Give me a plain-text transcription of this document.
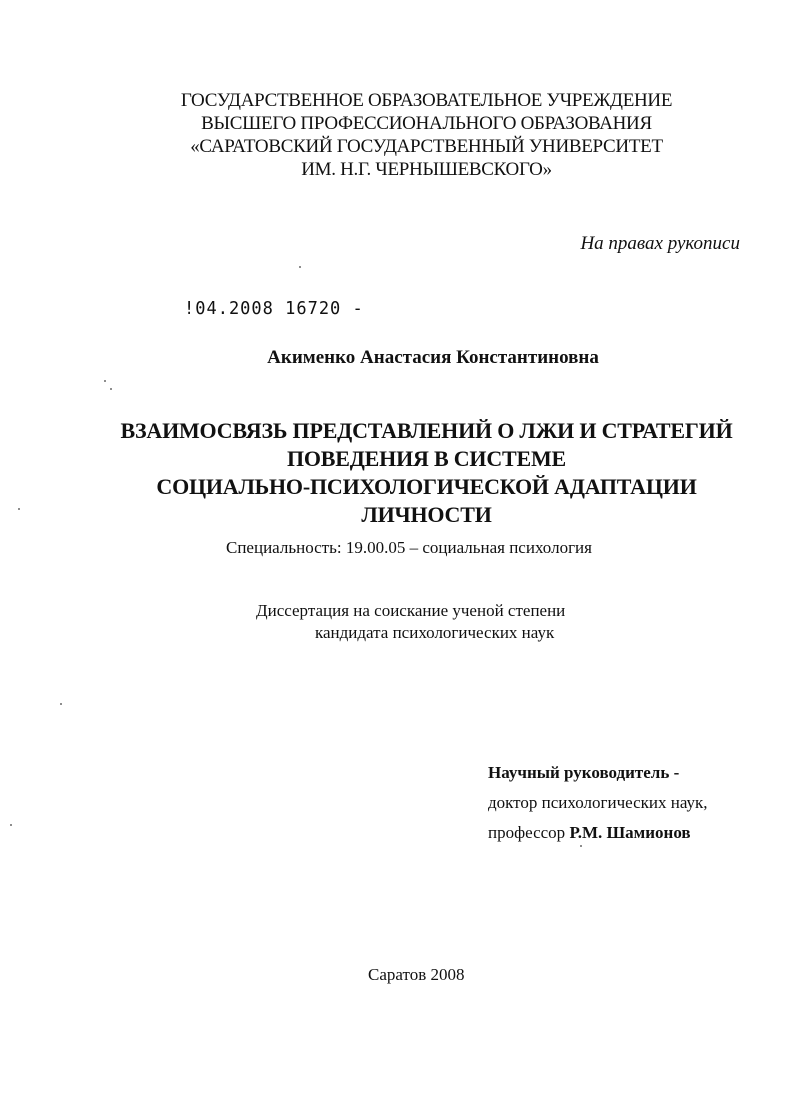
ГОСУДАРСТВЕННОЕ ОБРАЗОВАТЕЛЬНОЕ УЧРЕЖДЕНИЕ
ВЫСШЕГО ПРОФЕССИОНАЛЬНОГО ОБРАЗОВАНИЯ
«САРАТОВСКИЙ ГОСУДАРСТВЕННЫЙ УНИВЕРСИТЕТ
ИМ. Н.Г. ЧЕРНЫШЕВСКОГО»
На правах рукописи
!04.2008 16720 -
Акименко Анастасия Константиновна
ВЗАИМОСВЯЗЬ ПРЕДСТАВЛЕНИЙ О ЛЖИ И СТРАТЕГИЙ
ПОВЕДЕНИЯ В СИСТЕМЕ
СОЦИАЛЬНО-ПСИХОЛОГИЧЕСКОЙ АДАПТАЦИИ
ЛИЧНОСТИ
Специальность: 19.00.05 – социальная психология
Диссертация на соискание ученой степени
кандидата психологических наук
Научный руководитель -
доктор психологических наук,
профессор Р.М. Шамионов
Саратов 2008
